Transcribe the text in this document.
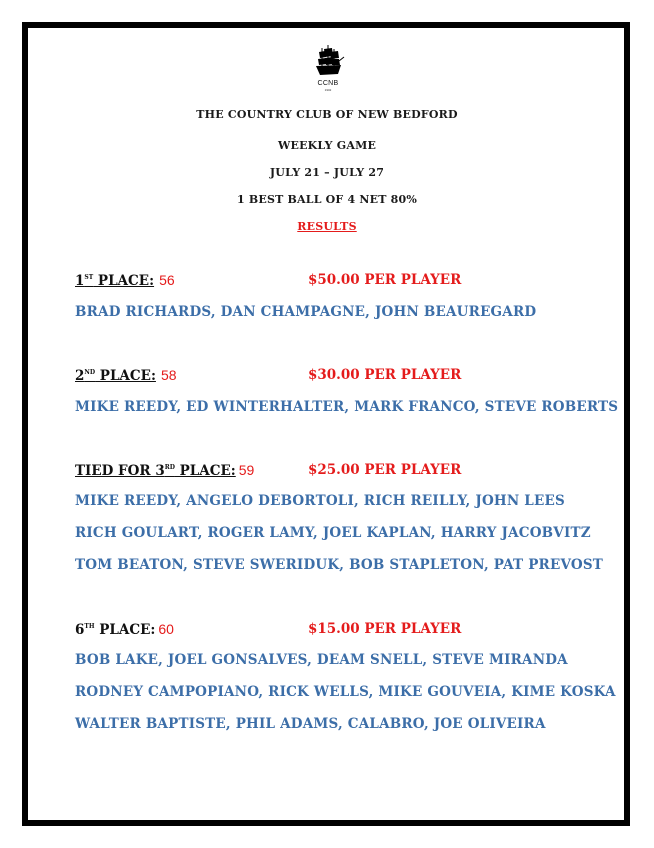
CCNB
1902
THE COUNTRY CLUB OF NEW BEDFORD
WEEKLY GAME
JULY 21 – JULY 27
1 BEST BALL OF 4 NET 80%
RESULTS
1ST PLACE: 56	$50.00 PER PLAYER
BRAD RICHARDS, DAN CHAMPAGNE, JOHN BEAUREGARD
2ND PLACE: 58	$30.00 PER PLAYER
MIKE REEDY, ED WINTERHALTER, MARK FRANCO, STEVE ROBERTS
TIED FOR 3RD PLACE: 59	$25.00 PER PLAYER
MIKE REEDY, ANGELO DEBORTOLI, RICH REILLY, JOHN LEES
RICH GOULART, ROGER LAMY, JOEL KAPLAN, HARRY JACOBVITZ
TOM BEATON, STEVE SWERIDUK, BOB STAPLETON, PAT PREVOST
6TH PLACE: 60	$15.00 PER PLAYER
BOB LAKE, JOEL GONSALVES, DEAM SNELL, STEVE MIRANDA
RODNEY CAMPOPIANO, RICK WELLS, MIKE GOUVEIA, KIME KOSKA
WALTER BAPTISTE, PHIL ADAMS, CALABRO, JOE OLIVEIRA
